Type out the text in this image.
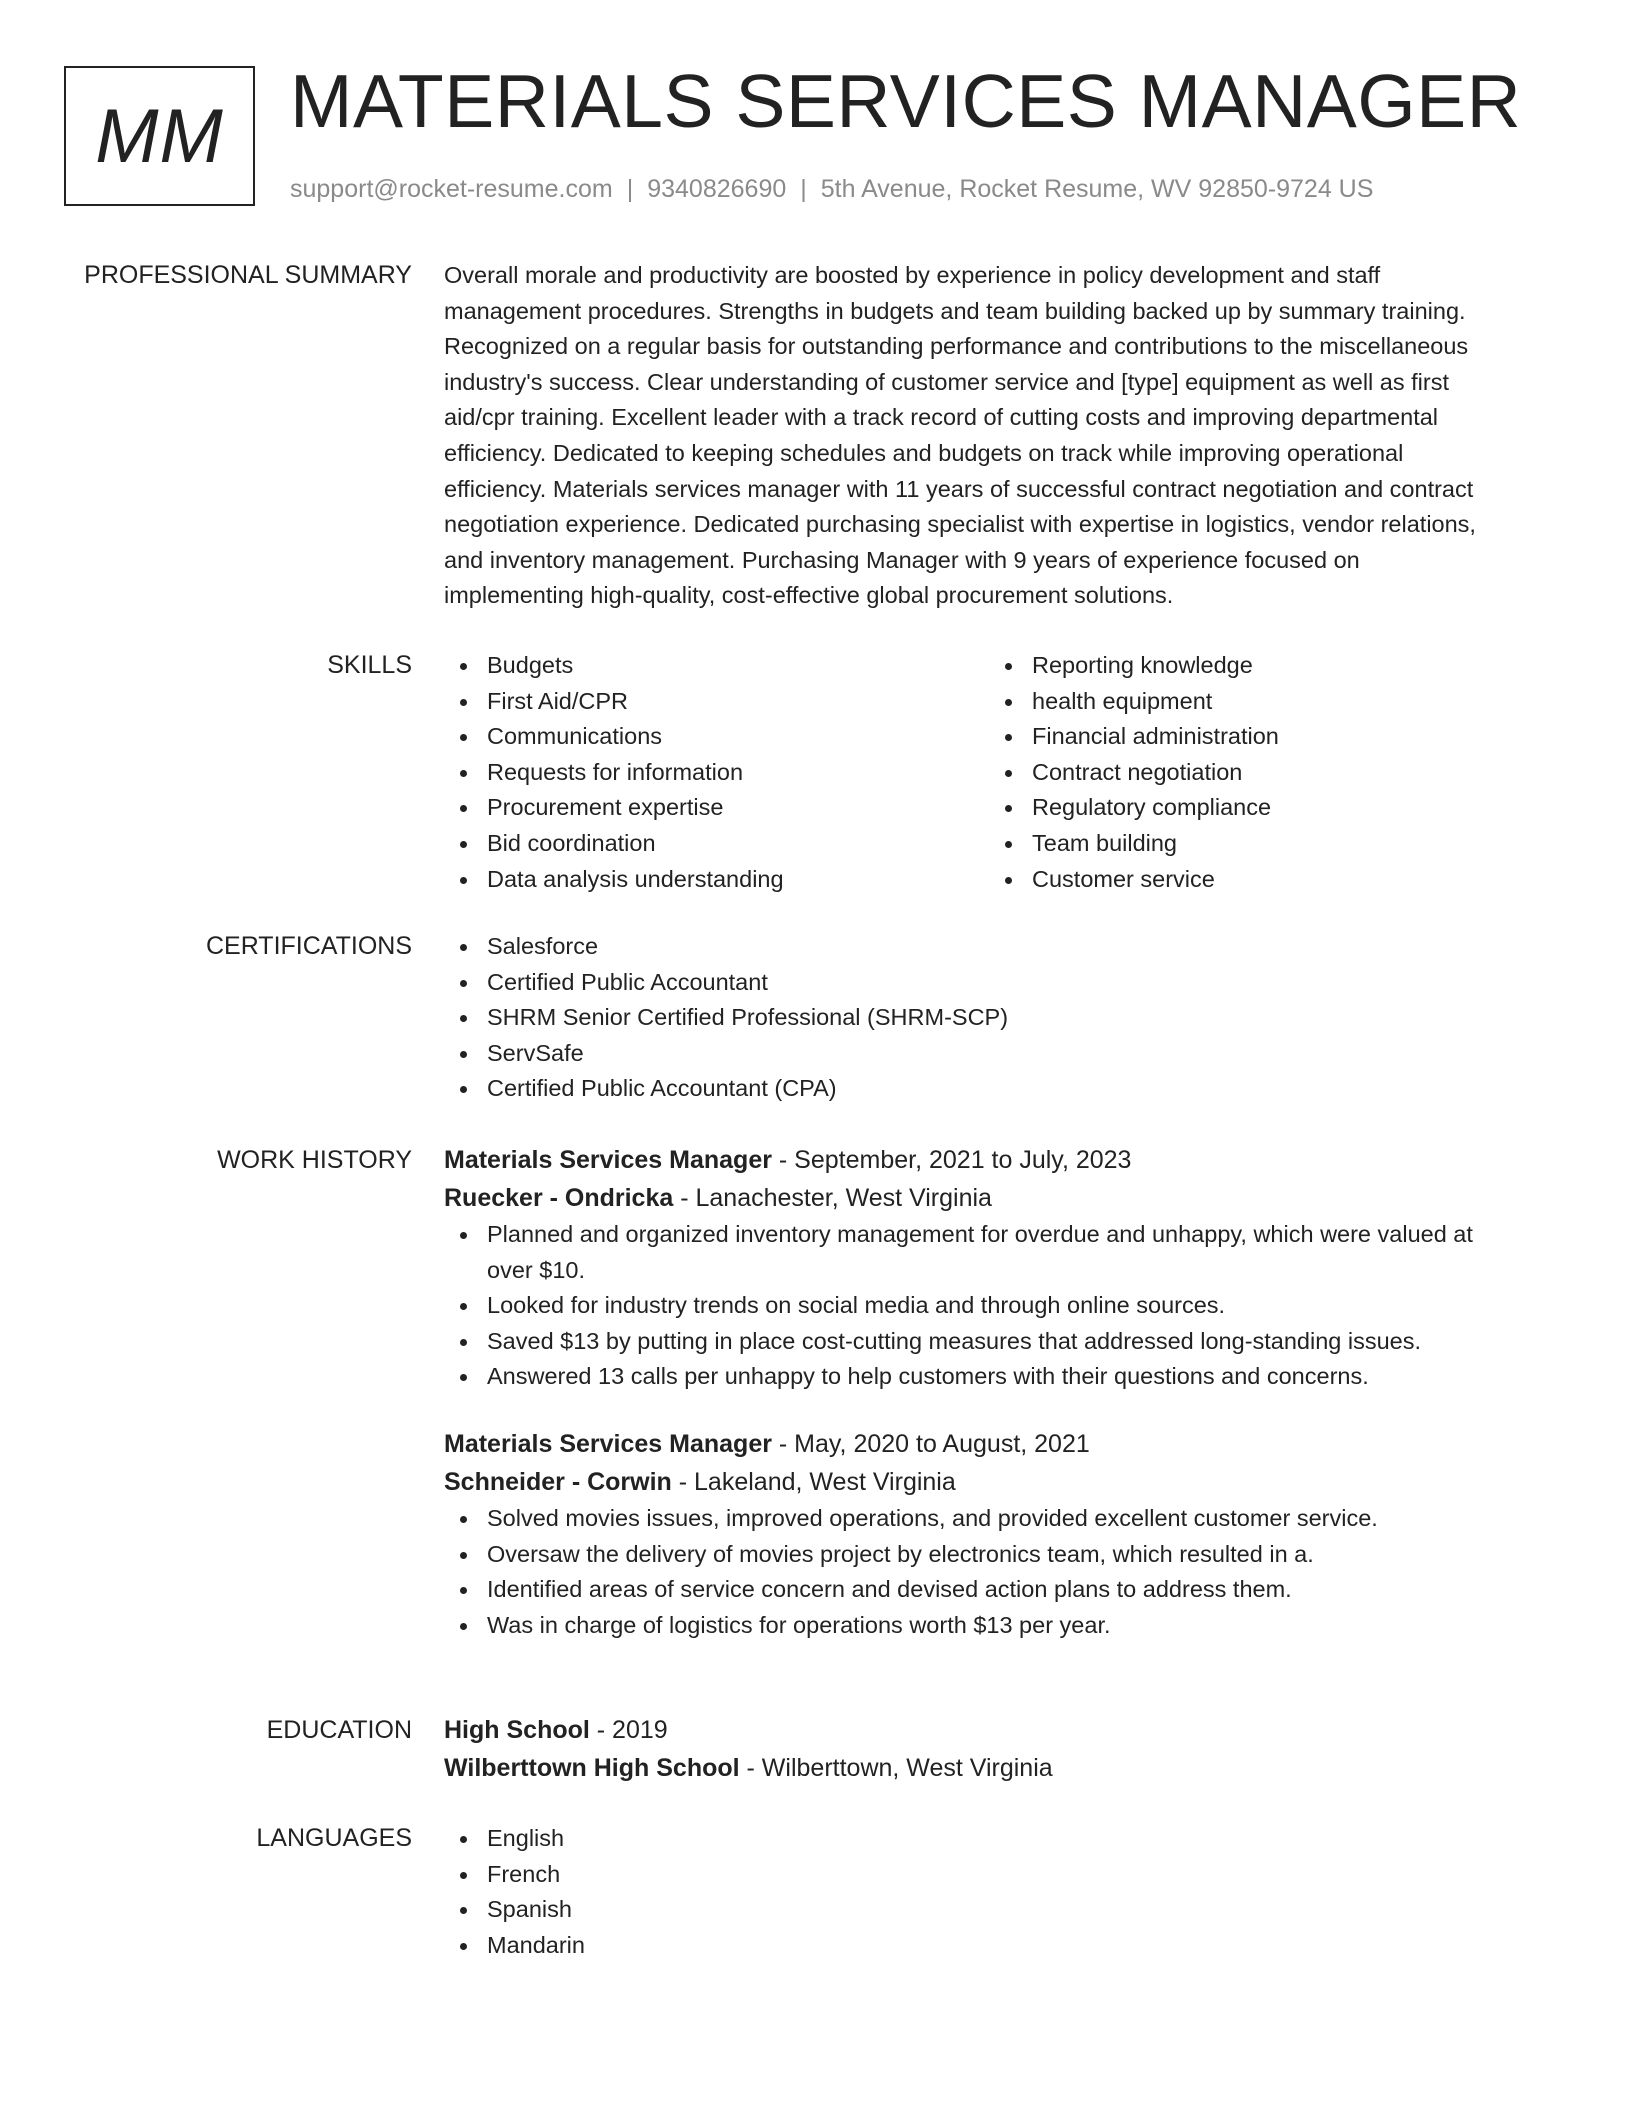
MM MATERIALS SERVICES MANAGER
support@rocket-resume.com | 9340826690 | 5th Avenue, Rocket Resume, WV 92850-9724 US
PROFESSIONAL SUMMARY Overall morale and productivity are boosted by experience in policy development and staff
management procedures. Strengths in budgets and team building backed up by summary training.
Recognized on a regular basis for outstanding performance and contributions to the miscellaneous
industry's success. Clear understanding of customer service and [type] equipment as well as first
aid/cpr training. Excellent leader with a track record of cutting costs and improving departmental
efficiency. Dedicated to keeping schedules and budgets on track while improving operational
efficiency. Materials services manager with 11 years of successful contract negotiation and contract
negotiation experience. Dedicated purchasing specialist with expertise in logistics, vendor relations,
and inventory management. Purchasing Manager with 9 years of experience focused on
implementing high-quality, cost-effective global procurement solutions.
SKILLS	Budgets
First Aid/CPR
Communications
Requests for information
Procurement expertise
Bid coordination
Data analysis understanding
Reporting knowledge
health equipment
Financial administration
Contract negotiation
Regulatory compliance
Team building
Customer service
CERTIFICATIONS	Salesforce
Certified Public Accountant
SHRM Senior Certified Professional (SHRM-SCP)
ServSafe
Certified Public Accountant (CPA)
WORK HISTORY Materials Services Manager - September, 2021 to July, 2023
Ruecker - Ondricka - Lanachester, West Virginia
Planned and organized inventory management for overdue and unhappy, which were valued at
over $10.
Looked for industry trends on social media and through online sources.
Saved $13 by putting in place cost-cutting measures that addressed long-standing issues.
Answered 13 calls per unhappy to help customers with their questions and concerns.
Materials Services Manager - May, 2020 to August, 2021
Schneider - Corwin - Lakeland, West Virginia
Solved movies issues, improved operations, and provided excellent customer service.
Oversaw the delivery of movies project by electronics team, which resulted in a.
Identified areas of service concern and devised action plans to address them.
Was in charge of logistics for operations worth $13 per year.
EDUCATION High School - 2019
Wilberttown High School - Wilberttown, West Virginia
LANGUAGES	English
French
Spanish
Mandarin
